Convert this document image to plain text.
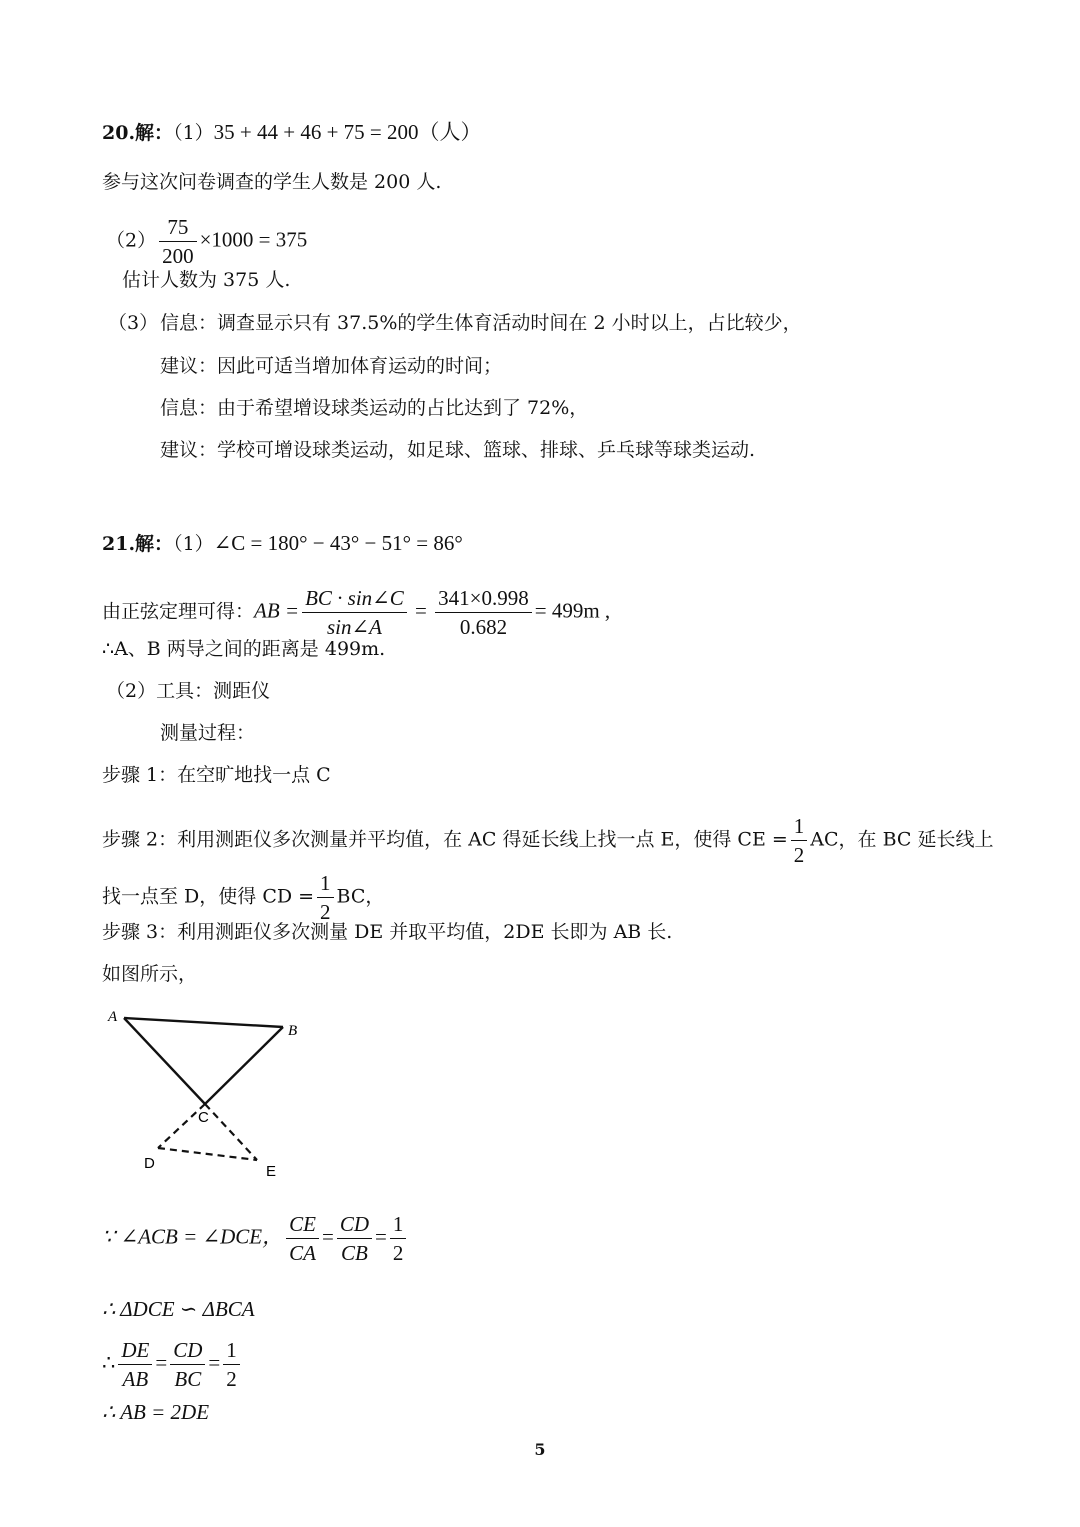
20.解：（1）35 + 44 + 46 + 75 = 200（人）
参与这次问卷调查的学生人数是 200 人.
$(2) \frac{75}{200} \times 1000 = 375$
估计人数为 375 人.
（3） 信息：调查显示只有 37.5%的学生体育活动时间在 2 小时以上，占比较少，
建议：因此可适当增加体育运动的时间；
信息：由于希望增设球类运动的占比达到了 72%，
建议：学校可增设球类运动，如足球、篮球、排球、乒乓球等球类运动.
21.解：（1）∠C = 180° − 43° − 51° = 86°
由正弦定理可得：AB = $\frac{BC \cdot \sin\angle C}{\sin\angle A} = \frac{341\times 0.998}{0.682} = 499m$ ,
∴A、B 两导之间的距离是 499m.
（2）工具：测距仪
测量过程：
步骤 1：在空旷地找一点 C
步骤 2：利用测距仪多次测量并平均值，在 AC 得延长线上找一点 E，使得 CE = $\frac{1}{2}$ AC，在 BC 延长线上
找一点至 D，使得 CD = $\frac{1}{2}$ BC，
步骤 3：利用测距仪多次测量 DE 并取平均值，2DE 长即为 AB 长.
如图所示，
A
B
C
D	E
∵ ∠ACB = ∠DCE， $\frac{CE}{CA} = \frac{CD}{CB} = \frac{1}{2}$
∴ ΔDCE ∽ ΔBCA
∴ $\frac{DE}{AB} = \frac{CD}{BC} = \frac{1}{2}$
∴ AB = 2DE
5
